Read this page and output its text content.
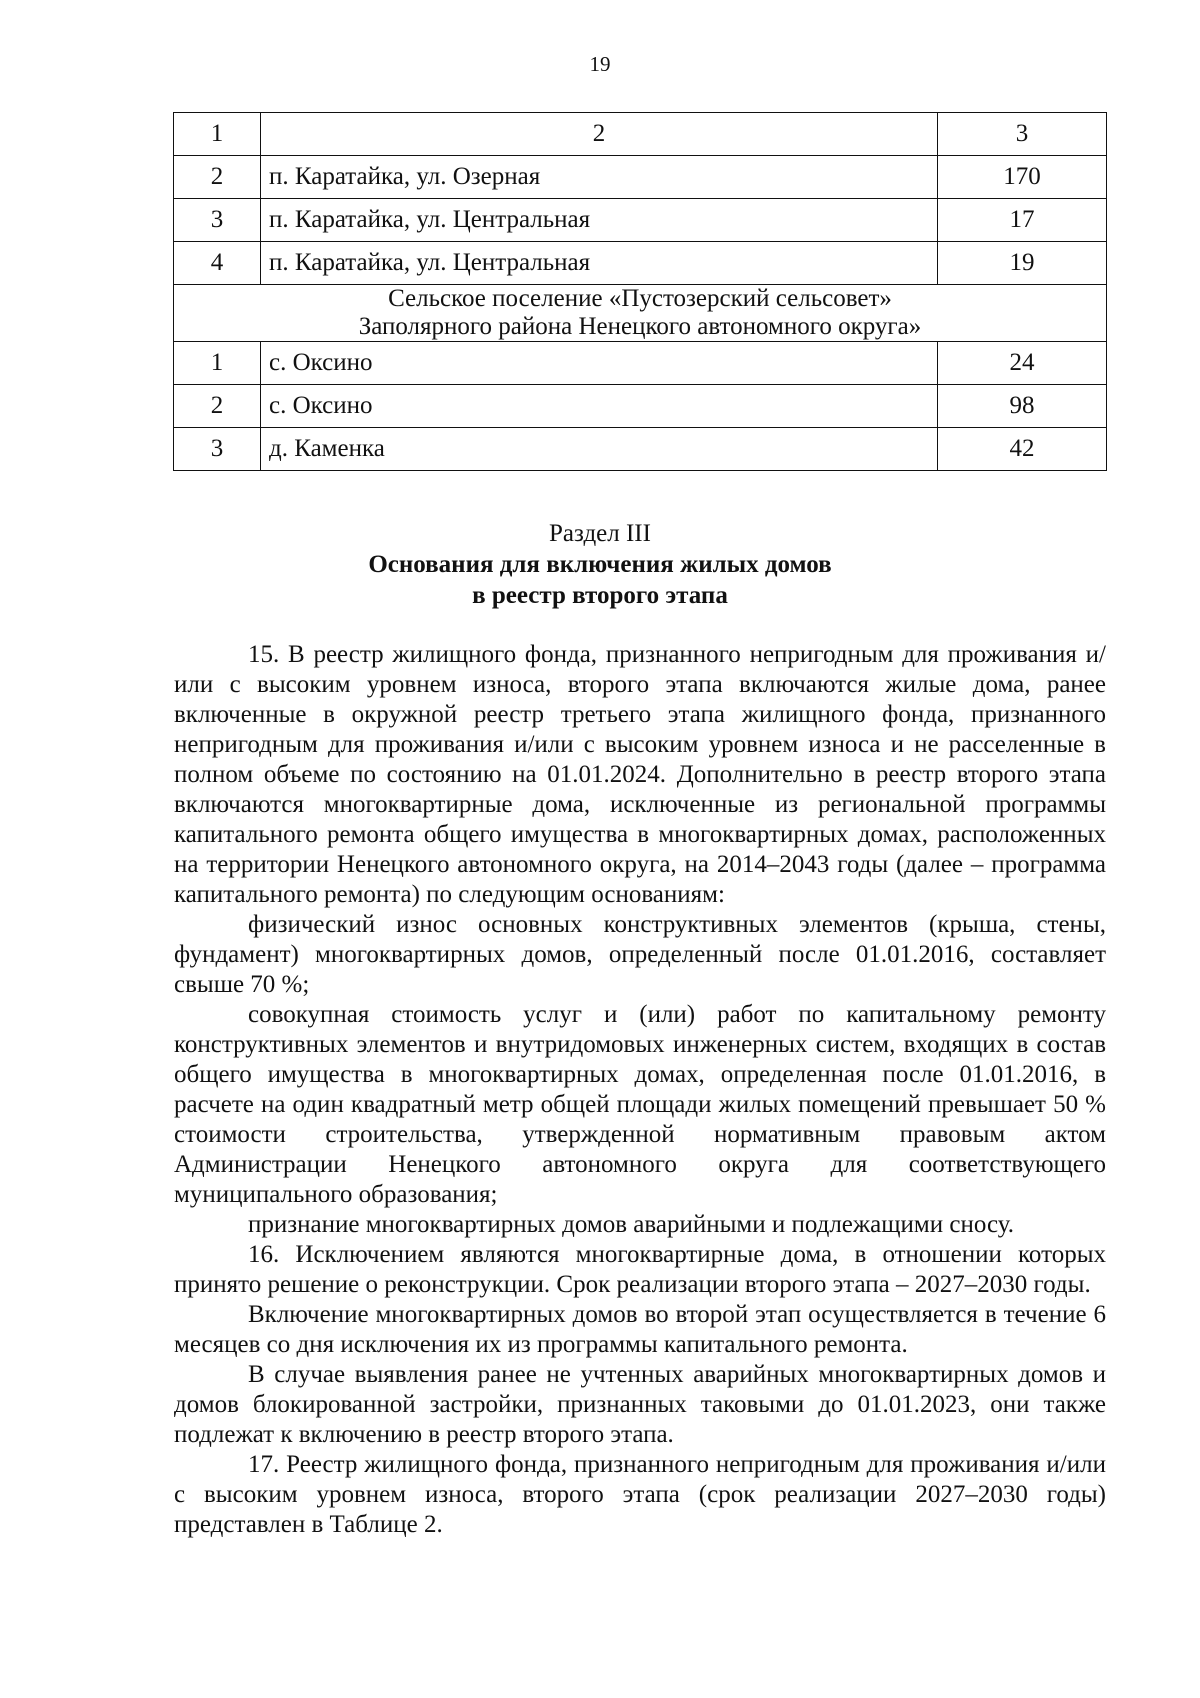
19
1	2	3
2	п. Каратайка, ул. Озерная	170
3	п. Каратайка, ул. Центральная	17
4	п. Каратайка, ул. Центральная	19

Сельское поселение «Пустозерский сельсовет»
Заполярного района Ненецкого автономного округа»		

1	с. Оксино	24
2	с. Оксино	98
3	д. Каменка	42
Раздел III
Основания для включения жилых домов
в реестр второго этапа

15. В реестр жилищного фонда, признанного непригодным для проживания и/или с высоким уровнем износа, второго этапа включаются жилые дома, ранее включенные в окружной реестр третьего этапа жилищного фонда, признанного непригодным для проживания и/или с высоким уровнем износа и не расселенные в полном объеме по состоянию на 01.01.2024. Дополнительно в реестр второго этапа включаются многоквартирные дома, исключенные из региональной программы капитального ремонта общего имущества в многоквартирных домах, расположенных на территории Ненецкого автономного округа, на 2014–2043 годы (далее – программа капитального ремонта) по следующим основаниям:

физический износ основных конструктивных элементов (крыша, стены, фундамент) многоквартирных домов, определенный после 01.01.2016, составляет свыше 70 %;

совокупная стоимость услуг и (или) работ по капитальному ремонту конструктивных элементов и внутридомовых инженерных систем, входящих в состав общего имущества в многоквартирных домах, определенная после 01.01.2016, в расчете на один квадратный метр общей площади жилых помещений превышает 50 % стоимости строительства, утвержденной нормативным правовым актом Администрации Ненецкого автономного округа для соответствующего муниципального образования;

признание многоквартирных домов аварийными и подлежащими сносу.

16. Исключением являются многоквартирные дома, в отношении которых принято решение о реконструкции. Срок реализации второго этапа – 2027–2030 годы.

Включение многоквартирных домов во второй этап осуществляется в течение 6 месяцев со дня исключения их из программы капитального ремонта.

В случае выявления ранее не учтенных аварийных многоквартирных домов и домов блокированной застройки, признанных таковыми до 01.01.2023, они также подлежат к включению в реестр второго этапа.

17. Реестр жилищного фонда, признанного непригодным для проживания и/или с высоким уровнем износа, второго этапа (срок реализации 2027–2030 годы) представлен в Таблице 2.
